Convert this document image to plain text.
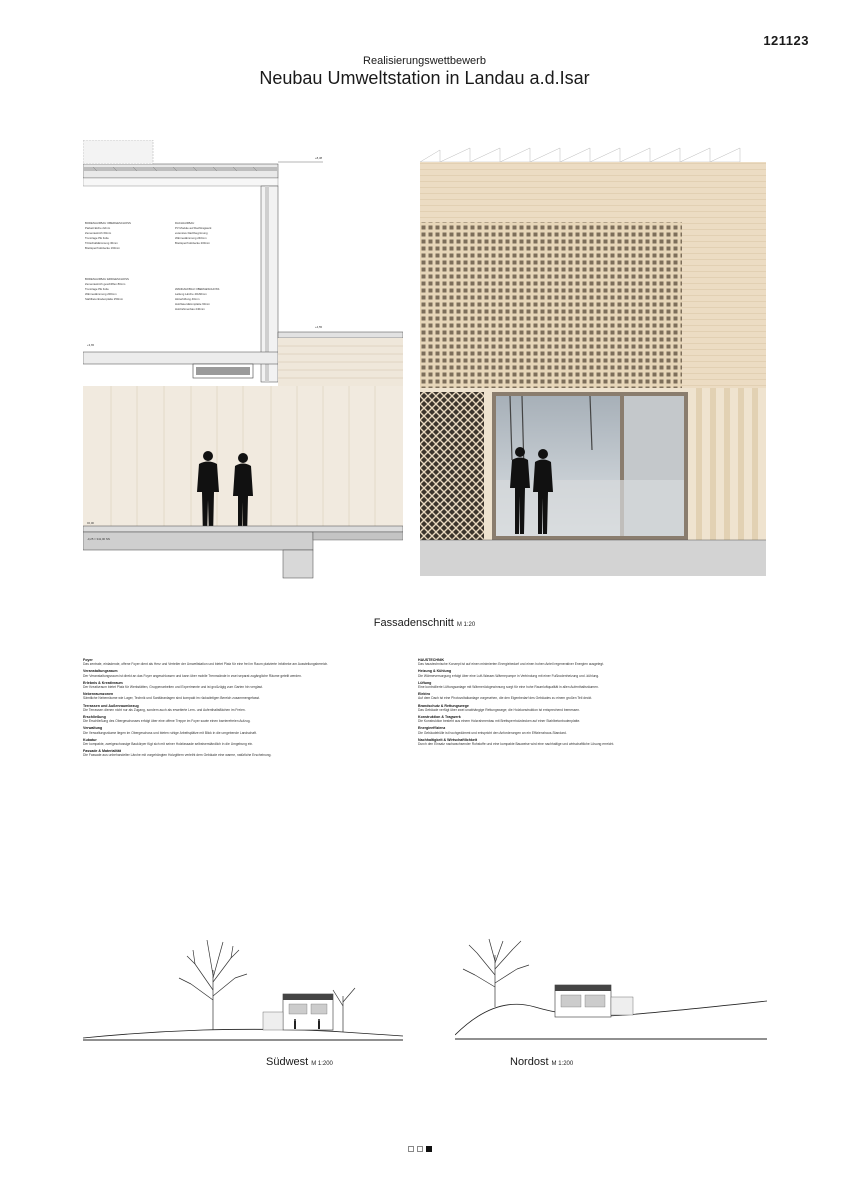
121123
Realisierungswettbewerb
Neubau Umweltstation in Landau a.d.Isar
BODENAUFBAU OBERGESCHOSS
Parkett Eiche 22mm
Zementestrich 60mm
Trennlage PE Folie
Trittschalldämmung 30mm
Brettsperrholzdecke 160mm
BODENAUFBAU ERDGESCHOSS
Zementestrich geschliffen 80mm
Trennlage PE Folie
Wärmedämmung 200mm
Stahlbetonbodenplatte 250mm
DACHAUFBAU
PV Module auf Dachtragwerk
extensive Dachbegrünung
Wärmedämmung 240mm
Brettsperrholzdecke 200mm
WANDAUFBAU OBERGESCHOSS
Lattung Lärche 40x60mm
Hinterlüftung 40mm
Holzfaserdämmplatte 60mm
Holzrahmenbau 240mm
+8,38
+4,55
+3,65
±0,00
-0,25 = 341,00 NN
Fassadenschnitt M 1:20
Foyer

Das zentrale, einladende, offene Foyer dient als Herz und Verteiler der Umweltstation und bietet Platz für eine frei im Raum platzierte Infotheke am Ausstellungsbereich.

Veranstaltungsraum

Der Veranstaltungsraum ist direkt an das Foyer angeschlossen und kann über mobile Trennwände in zwei separat zugängliche Räume geteilt werden.

Erlebnis & Kreativraum

Der Kreativraum bietet Platz für Werkstätten, Gruppenarbeiten und Experimente und ist großzügig zum Garten hin verglast.

Nebenraumzonen

Sämtliche Nebenräume wie Lager, Technik und Sanitäranlagen sind kompakt im rückwärtigen Bereich zusammengefasst.

Terrassen und Außenraumbezug

Die Terrassen dienen nicht nur als Zugang, sondern auch als erweiterte Lern- und Aufenthaltsflächen im Freien.

Erschließung

Die Erschließung des Obergeschosses erfolgt über eine offene Treppe im Foyer sowie einen barrierefreien Aufzug.

Verwaltung

Die Verwaltungsräume liegen im Obergeschoss und bieten ruhige Arbeitsplätze mit Blick in die umgebende Landschaft.

Kubatur

Der kompakte, zweigeschossige Baukörper fügt sich mit seiner Holzfassade selbstverständlich in die Umgebung ein.

Fassade & Materialität

Die Fassade aus unbehandelter Lärche mit vorgehängten Holzgittern verleiht dem Gebäude eine warme, natürliche Erscheinung.

HAUSTECHNIK

Das haustechnische Konzept ist auf einen minimierten Energiebedarf und einen hohen Anteil regenerativer Energien ausgelegt.

Heizung & Kühlung

Die Wärmeversorgung erfolgt über eine Luft-Wasser-Wärmepumpe in Verbindung mit einer Fußbodenheizung und -kühlung.

Lüftung

Eine kontrollierte Lüftungsanlage mit Wärmerückgewinnung sorgt für eine hohe Raumluftqualität in allen Aufenthaltsräumen.

Elektro

Auf dem Dach ist eine Photovoltaikanlage vorgesehen, die den Eigenbedarf des Gebäudes zu einem großen Teil deckt.

Brandschutz & Rettungswege

Das Gebäude verfügt über zwei unabhängige Rettungswege; die Holzkonstruktion ist entsprechend bemessen.

Konstruktion & Tragwerk

Die Konstruktion besteht aus einem Holzrahmenbau mit Brettsperrholzdecken auf einer Stahlbetonbodenplatte.

Energieeffizienz

Die Gebäudehülle ist hochgedämmt und entspricht den Anforderungen an ein Effizienzhaus-Standard.

Nachhaltigkeit & Wirtschaftlichkeit

Durch den Einsatz nachwachsender Rohstoffe und eine kompakte Bauweise wird eine nachhaltige und wirtschaftliche Lösung erreicht.

Südwest M 1:200	Nordost M 1:200
